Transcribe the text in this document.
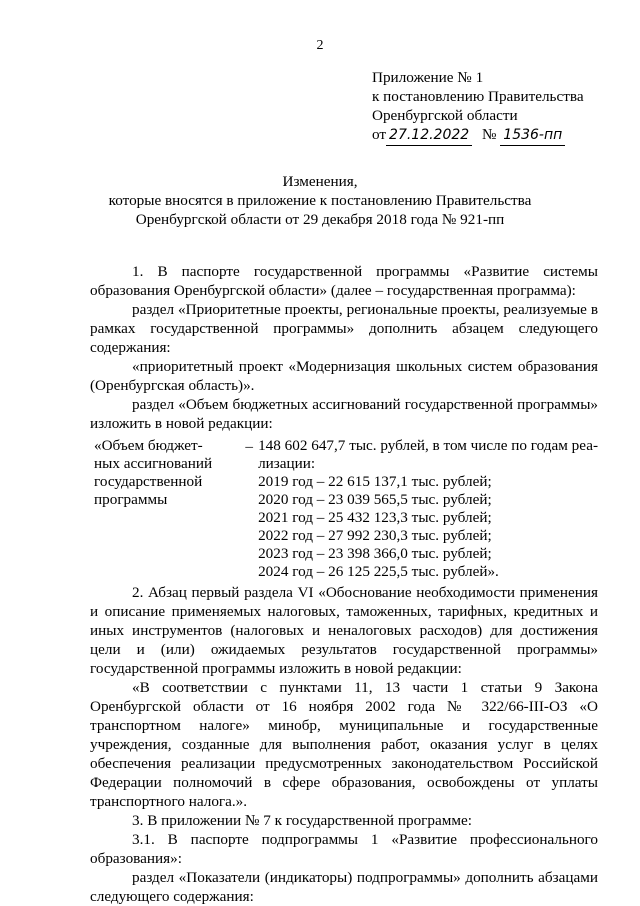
2
Приложение № 1
к постановлению Правительства
Оренбургской области
от 27.12.2022 № 1536-пп
Изменения,
которые вносятся в приложение к постановлению Правительства
Оренбургской области от 29 декабря 2018 года № 921-пп

1. В паспорте государственной программы «Развитие системы образования Оренбургской области» (далее – государственная программа):

раздел «Приоритетные проекты, региональные проекты, реализуемые в рамках государственной программы» дополнить абзацем следующего содержания:

«приоритетный проект «Модернизация школьных систем образования (Оренбургская область)».

раздел «Объем бюджетных ассигнований государственной программы» изложить в новой редакции:

«Объем бюджет-
ных ассигнований
государственной
программы
– 148 602 647,7 тыс. рублей, в том числе по годам реа-
лизации:
2019 год – 22 615 137,1 тыс. рублей;
2020 год – 23 039 565,5 тыс. рублей;
2021 год – 25 432 123,3 тыс. рублей;
2022 год – 27 992 230,3 тыс. рублей;
2023 год – 23 398 366,0 тыс. рублей;
2024 год – 26 125 225,5 тыс. рублей».

2. Абзац первый раздела VI «Обоснование необходимости применения и описание применяемых налоговых, таможенных, тарифных, кредитных и иных инструментов (налоговых и неналоговых расходов) для достижения цели и (или) ожидаемых результатов государственной программы» государственной программы изложить в новой редакции:

«В соответствии с пунктами 11, 13 части 1 статьи 9 Закона Оренбургской области от 16 ноября 2002 года № 322/66-III-ОЗ «О транспортном налоге» минобр, муниципальные и государственные учреждения, созданные для выполнения работ, оказания услуг в целях обеспечения реализации предусмотренных законодательством Российской Федерации полномочий в сфере образования, освобождены от уплаты транспортного налога.».

3. В приложении № 7 к государственной программе:

3.1. В паспорте подпрограммы 1 «Развитие профессионального образования»:

раздел «Показатели (индикаторы) подпрограммы» дополнить абзацами следующего содержания:
